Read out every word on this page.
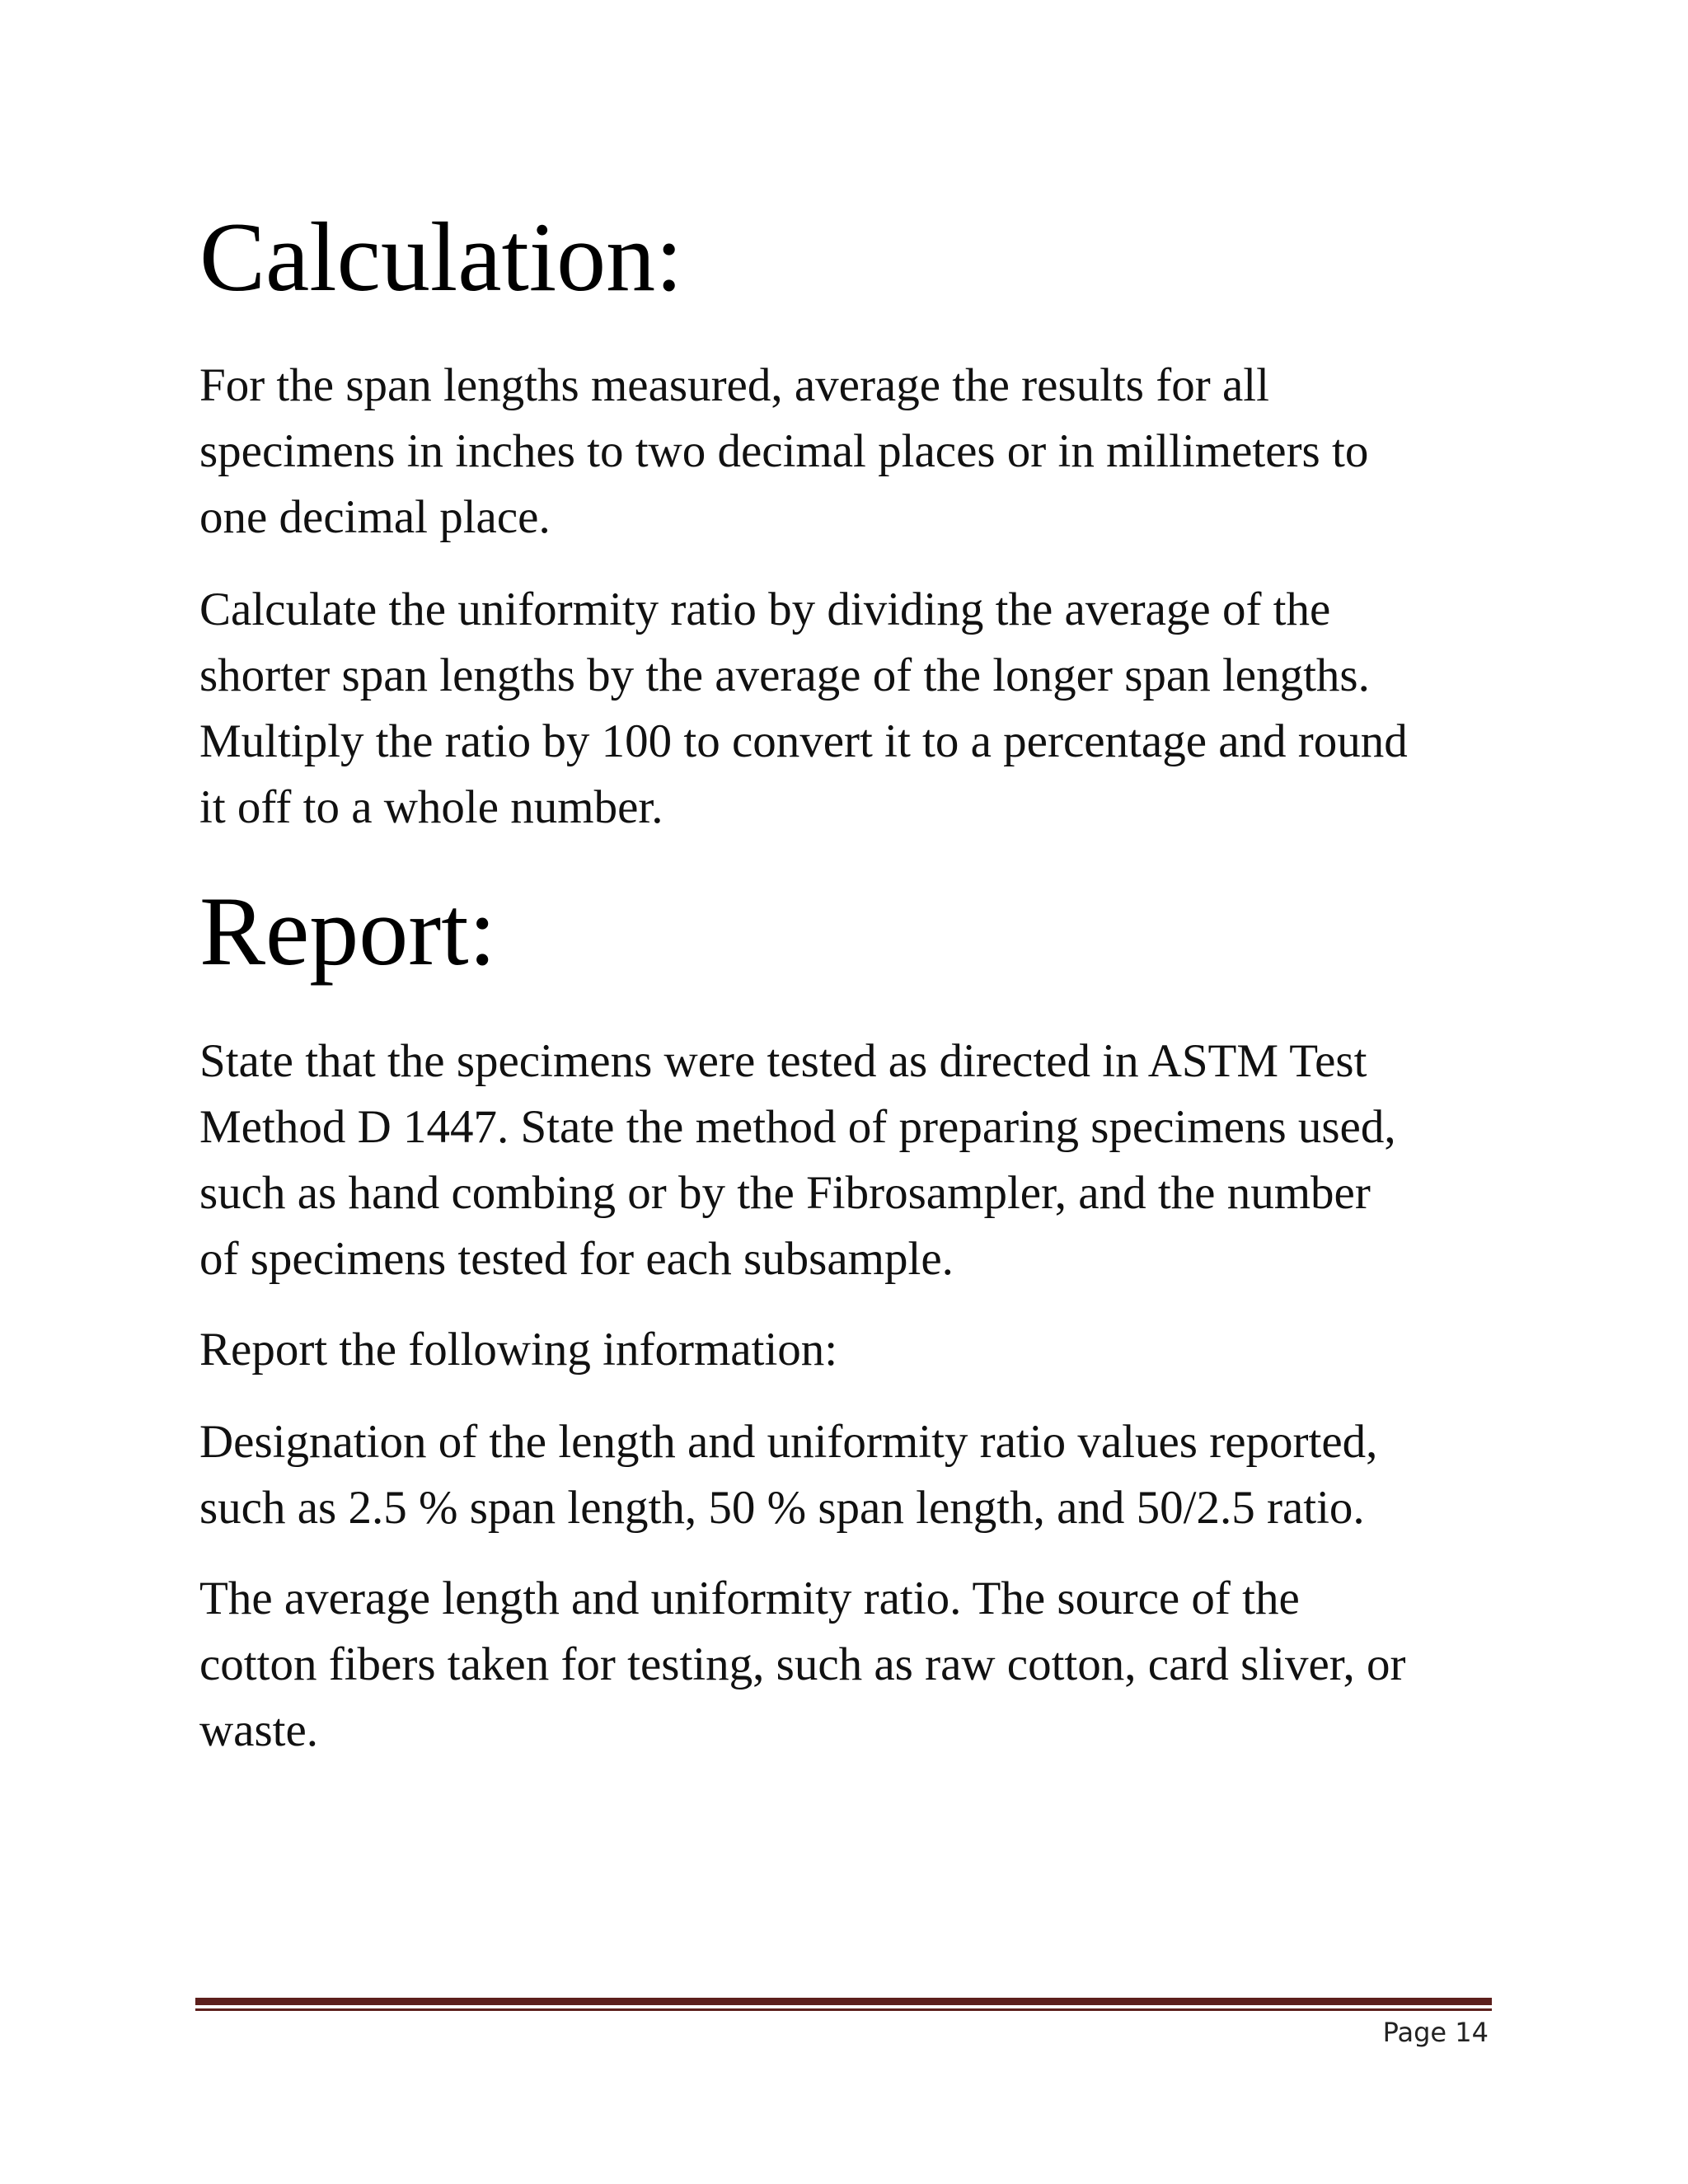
Calculation:

For the span lengths measured, average the results for all
specimens in inches to two decimal places or in millimeters to
one decimal place.

Calculate the uniformity ratio by dividing the average of the
shorter span lengths by the average of the longer span lengths.
Multiply the ratio by 100 to convert it to a percentage and round
it off to a whole number.

Report:

State that the specimens were tested as directed in ASTM Test
Method D 1447. State the method of preparing specimens used,
such as hand combing or by the Fibrosampler, and the number
of specimens tested for each subsample.

Report the following information:

Designation of the length and uniformity ratio values reported,
such as 2.5 % span length, 50 % span length, and 50/2.5 ratio.

The average length and uniformity ratio. The source of the
cotton fibers taken for testing, such as raw cotton, card sliver, or
waste.

Page 14
